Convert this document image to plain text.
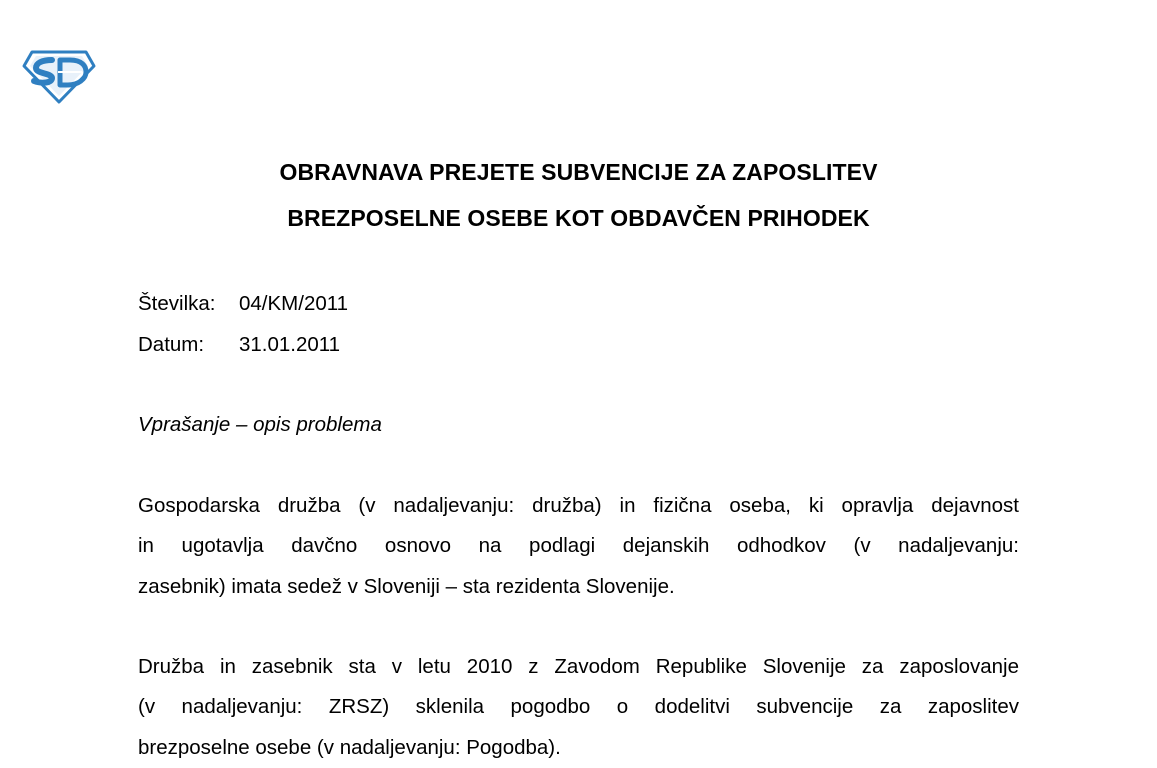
OBRAVNAVA PREJETE SUBVENCIJE ZA ZAPOSLITEV
BREZPOSELNE OSEBE KOT OBDAVČEN PRIHODEK
Številka: 04/KM/2011
Datum: 31.01.2011
Vprašanje – opis problema
Gospodarska družba (v nadaljevanju: družba) in fizična oseba, ki opravlja dejavnost
in ugotavlja davčno osnovo na podlagi dejanskih odhodkov (v nadaljevanju:
zasebnik) imata sedež v Sloveniji – sta rezidenta Slovenije.
Družba in zasebnik sta v letu 2010 z Zavodom Republike Slovenije za zaposlovanje
(v nadaljevanju: ZRSZ) sklenila pogodbo o dodelitvi subvencije za zaposlitev
brezposelne osebe (v nadaljevanju: Pogodba).
